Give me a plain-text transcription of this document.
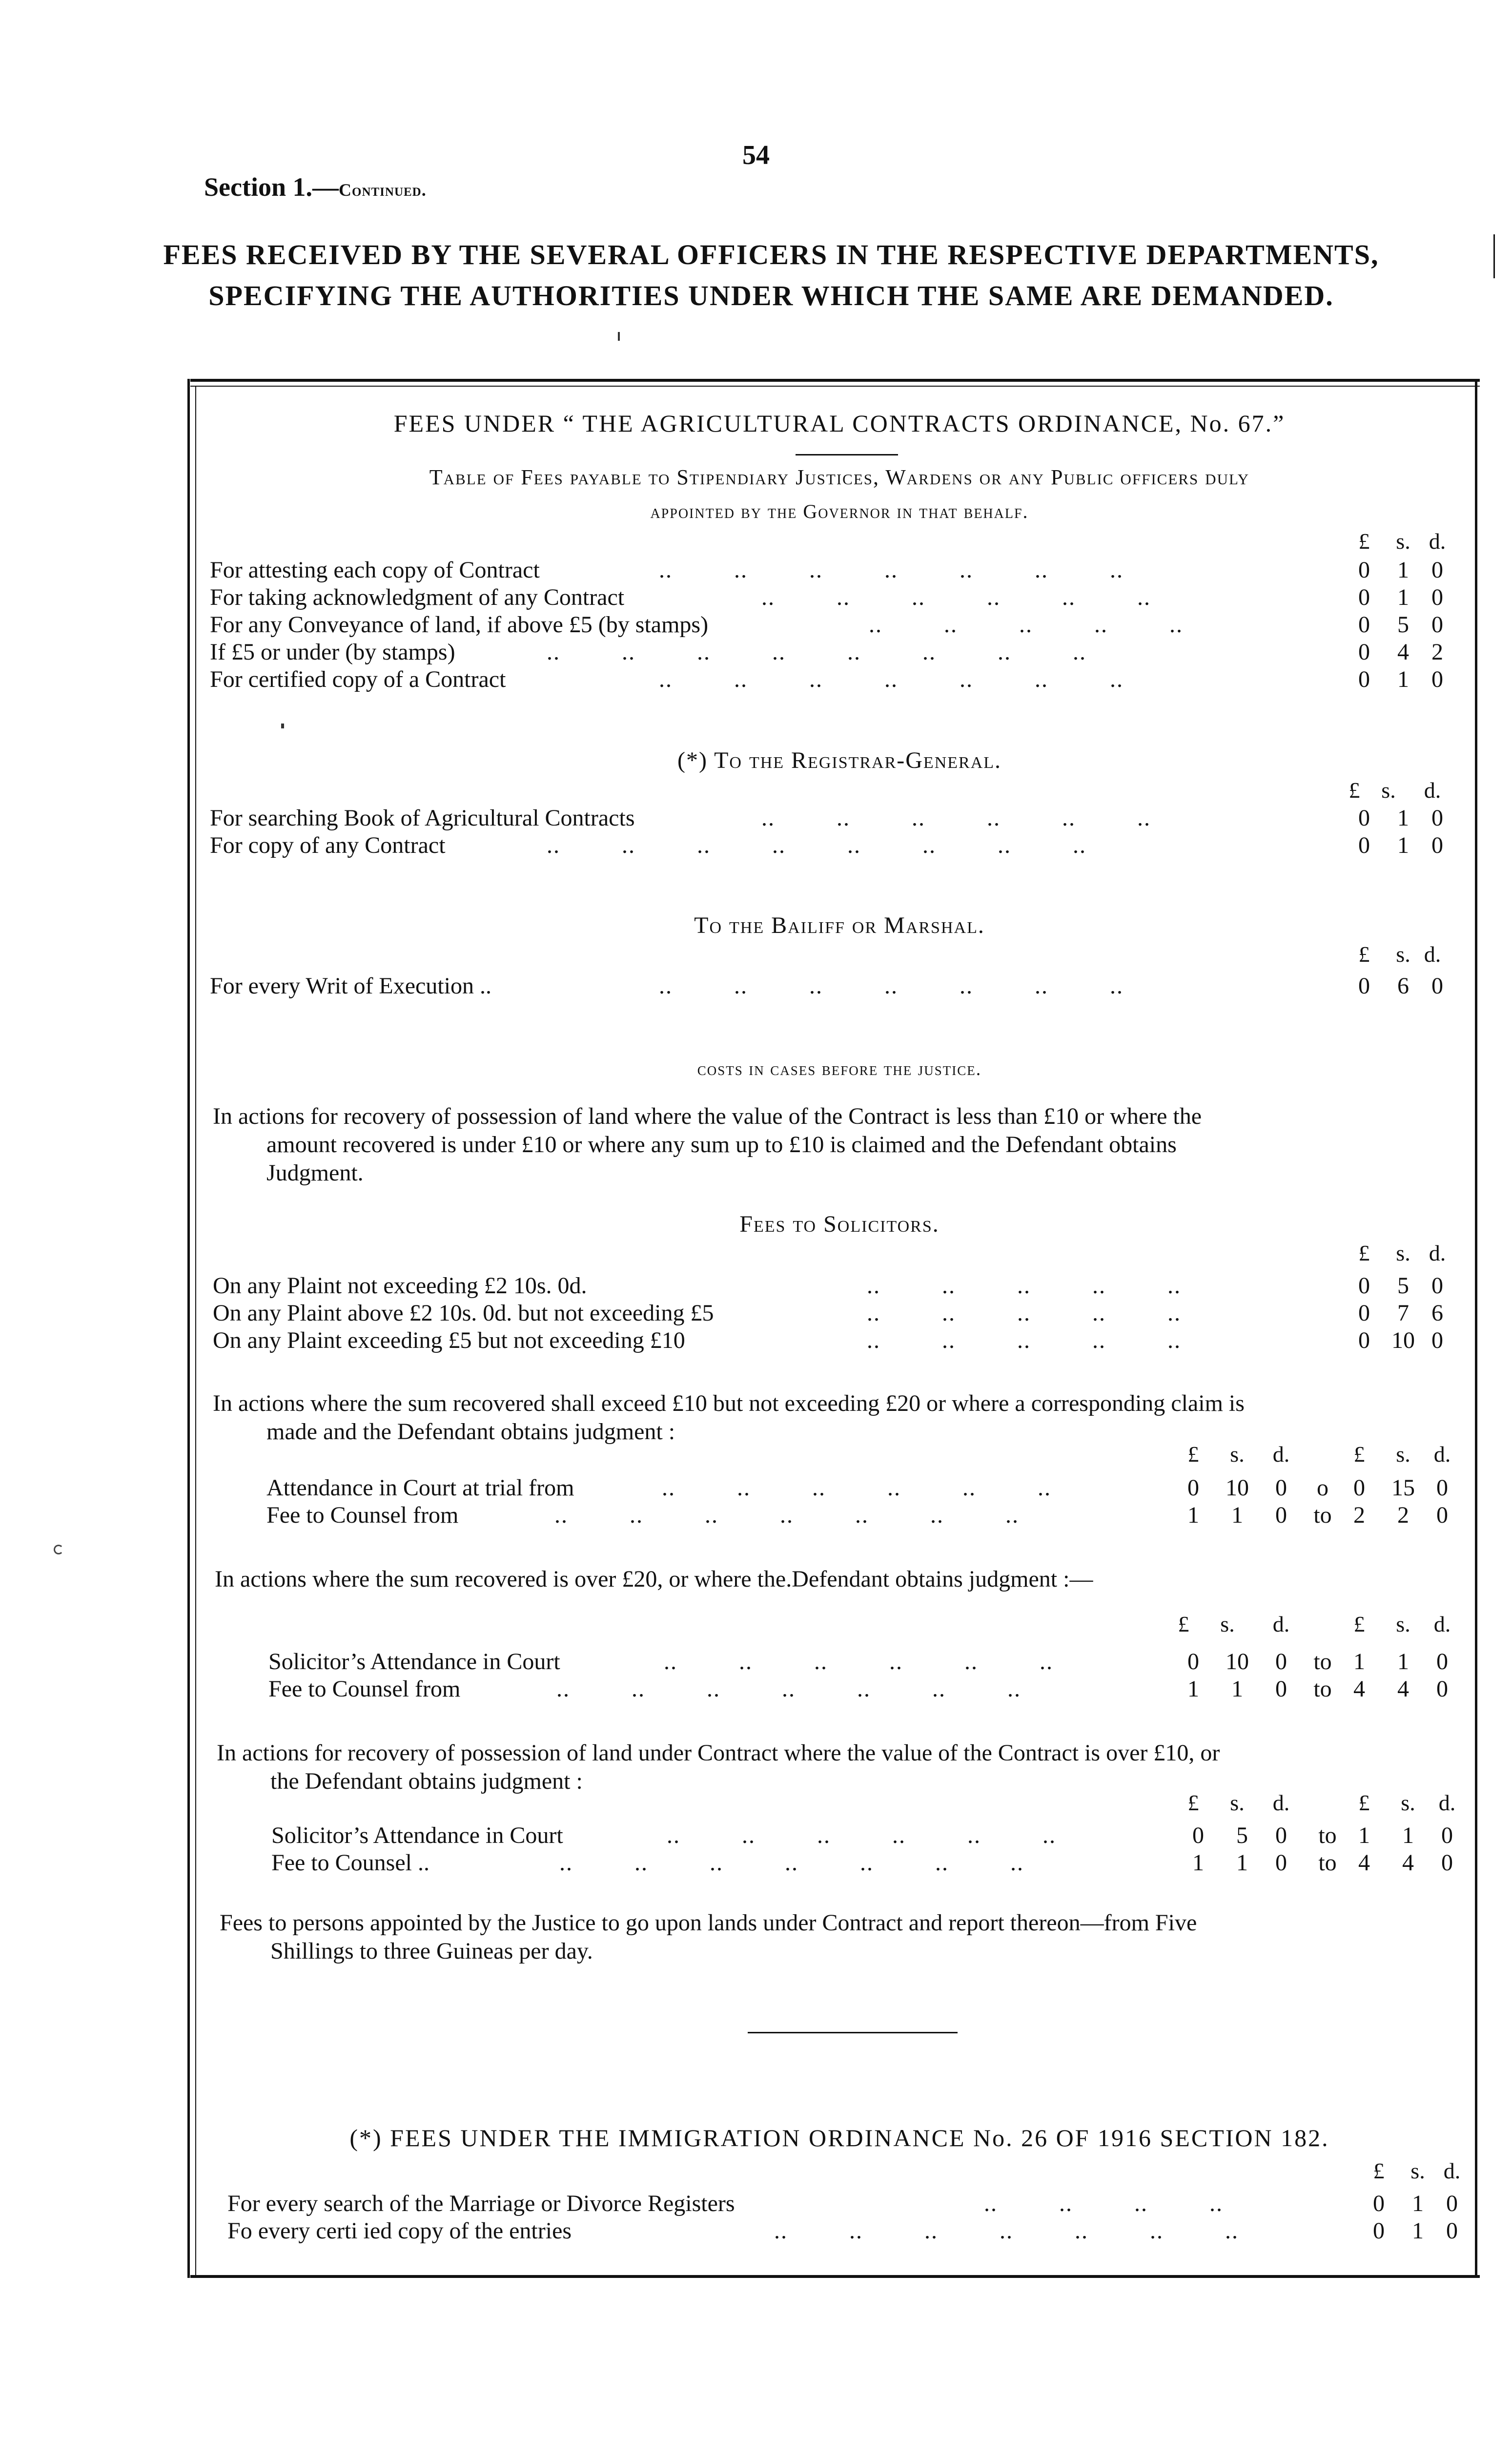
54
Section 1.—Continued.
FEES RECEIVED BY THE SEVERAL OFFICERS IN THE RESPECTIVE DEPARTMENTS,
SPECIFYING THE AUTHORITIES UNDER WHICH THE SAME ARE DEMANDED.
FEES UNDER “ THE AGRICULTURAL CONTRACTS ORDINANCE, No. 67.”
Table of Fees payable to Stipendiary Justices, Wardens or any Public officers duly
appointed by the Governor in that behalf.
£	s. d.
For attesting each copy of Contract	..         ..         ..         ..         ..         ..         ..	0	1 0
For taking acknowledgment of any Contract	..         ..         ..         ..         ..         ..	0	1 0
For any Conveyance of land, if above £5 (by stamps)	..         ..         ..         ..         ..	0	5 0
If £5 or under (by stamps)	..         ..         ..         ..         ..         ..         ..         ..	0	4 2
For certified copy of a Contract	..         ..         ..         ..         ..         ..         ..	0	1 0
(*) To the Registrar-General.
£ s.	d.
For searching Book of Agricultural Contracts	..         ..         ..         ..         ..         ..	0	1 0
For copy of any Contract	..         ..         ..         ..         ..         ..         ..         ..	0	1 0
To the Bailiff or Marshal.
£	s. d.
For every Writ of Execution ..	..         ..         ..         ..         ..         ..         ..	0	6 0
costs in cases before the justice.
In actions for recovery of possession of land where the value of the Contract is less than £10 or where the
amount recovered is under £10 or where any sum up to £10 is claimed and the Defendant obtains
Judgment.
Fees to Solicitors.
£	s. d.
On any Plaint not exceeding £2 10s. 0d.	..         ..         ..         ..         ..	0	5 0
On any Plaint above £2 10s. 0d. but not exceeding £5	..         ..         ..         ..         ..	0	7 6
On any Plaint exceeding £5 but not exceeding £10	..         ..         ..         ..         ..	0 10 0
In actions where the sum recovered shall exceed £10 but not exceeding £20 or where a corresponding claim is
made and the Defendant obtains judgment :
£	s.	d.	£	s.	d.
Attendance in Court at trial from	..         ..         ..         ..         ..         ..	0	10	0	o	0	15 0
Fee to Counsel from	..         ..         ..         ..         ..         ..         ..	1	1	0	to 2	2	0
In actions where the sum recovered is over £20, or where the.Defendant obtains judgment :—
£	s.	d.	£	s.	d.
Solicitor’s Attendance in Court	..         ..         ..         ..         ..         ..	0	10	0	to 1	1	0
Fee to Counsel from	..         ..         ..         ..         ..         ..         ..	1	1	0	to 4	4	0
In actions for recovery of possession of land under Contract where the value of the Contract is over £10, or
the Defendant obtains judgment :
£	s.	d.	£	s.	d.
Solicitor’s Attendance in Court	..         ..         ..         ..         ..         ..	0	5	0	to 1	1	0
Fee to Counsel ..	..         ..         ..         ..         ..         ..         ..	1	1	0	to 4	4	0
Fees to persons appointed by the Justice to go upon lands under Contract and report thereon—from Five
Shillings to three Guineas per day.
(*) FEES UNDER THE IMMIGRATION ORDINANCE No. 26 OF 1916 SECTION 182.
£	s. d.
For every search of the Marriage or Divorce Registers	..         ..         ..         ..	0	1 0
Fo every certi ied copy of the entries	..         ..         ..         ..         ..         ..         ..	0	1 0
